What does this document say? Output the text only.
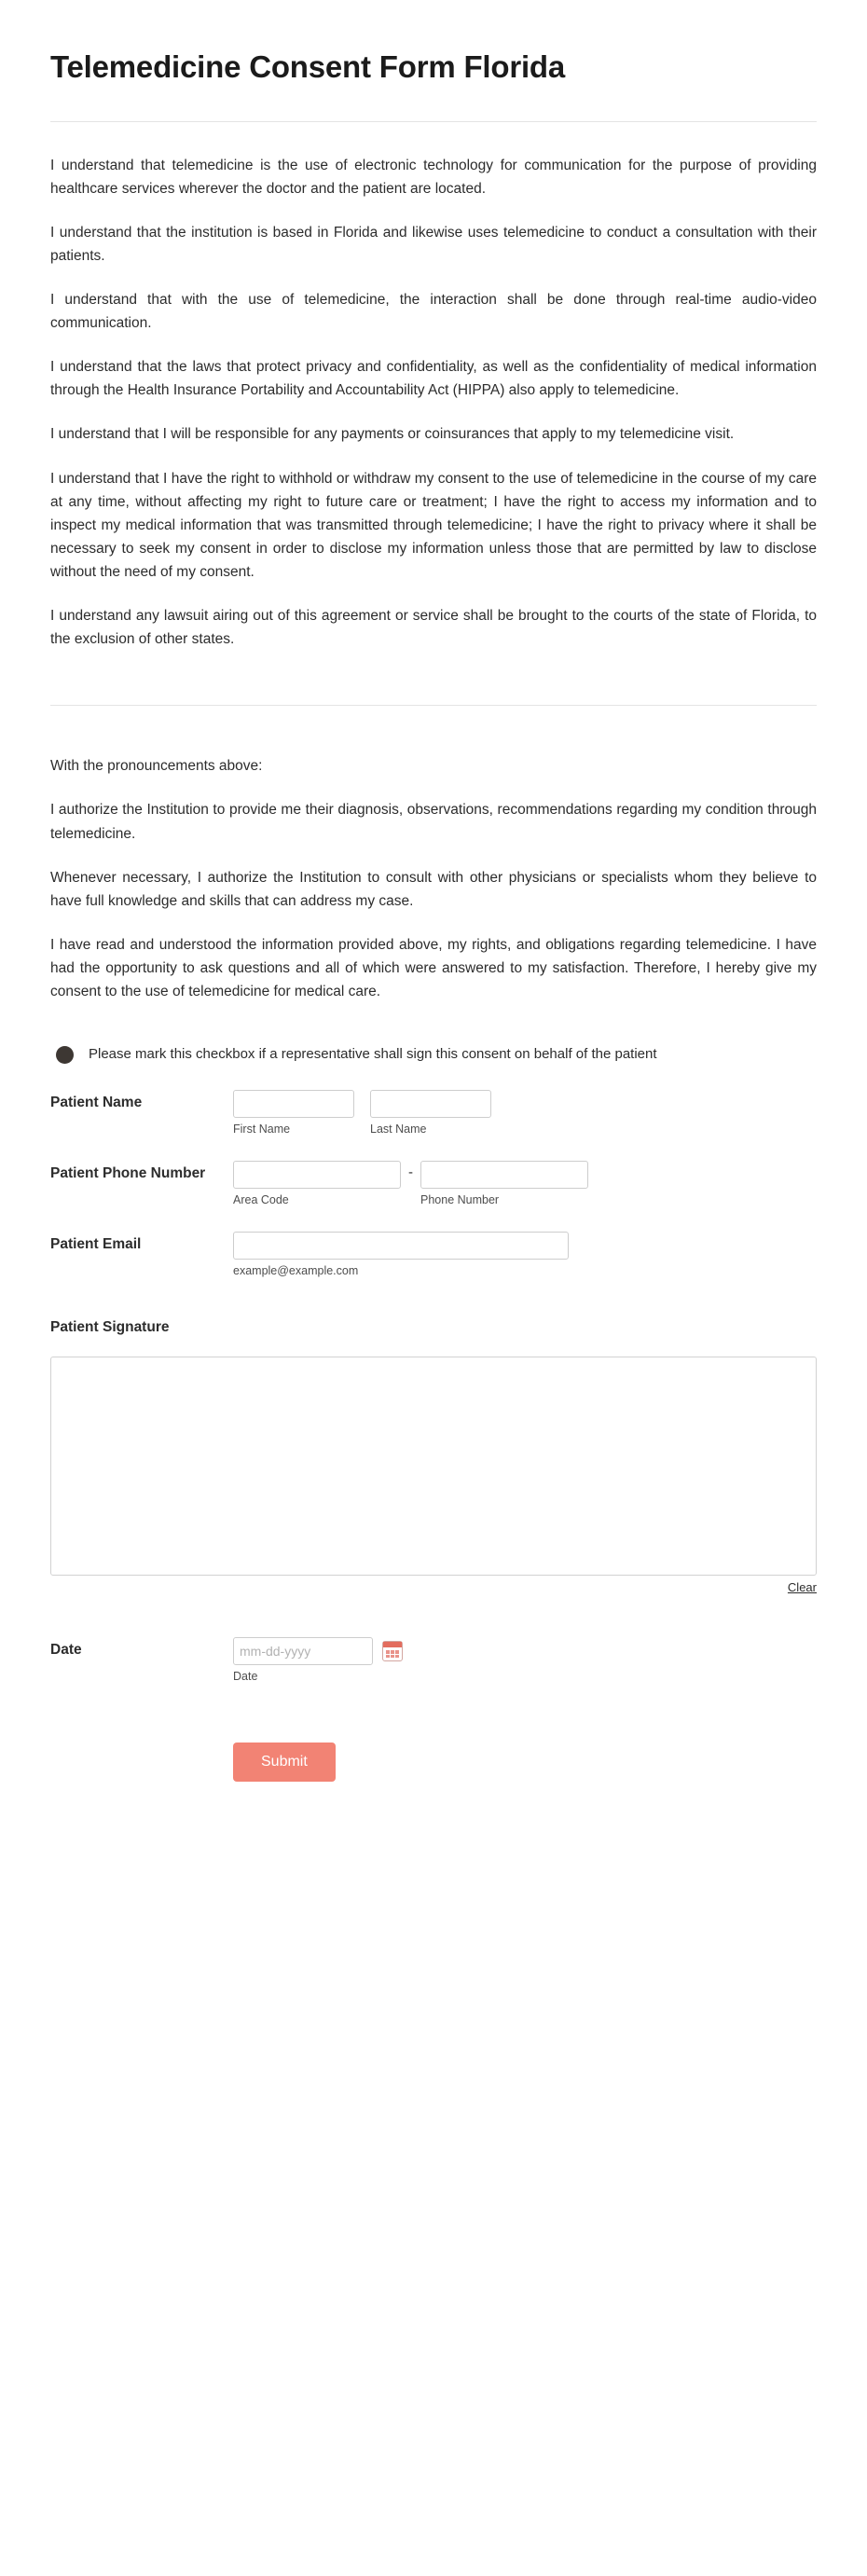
Telemedicine Consent Form Florida

I understand that telemedicine is the use of electronic technology for communication for the purpose of providing healthcare services wherever the doctor and the patient are located.

I understand that the institution is based in Florida and likewise uses telemedicine to conduct a consultation with their patients.

I understand that with the use of telemedicine, the interaction shall be done through real-time audio-video communication.

I understand that the laws that protect privacy and confidentiality, as well as the confidentiality of medical information through the Health Insurance Portability and Accountability Act (HIPPA) also apply to telemedicine.

I understand that I will be responsible for any payments or coinsurances that apply to my telemedicine visit.

I understand that I have the right to withhold or withdraw my consent to the use of telemedicine in the course of my care at any time, without affecting my right to future care or treatment; I have the right to access my information and to inspect my medical information that was transmitted through telemedicine; I have the right to privacy where it shall be necessary to seek my consent in order to disclose my information unless those that are permitted by law to disclose without the need of my consent.

I understand any lawsuit airing out of this agreement or service shall be brought to the courts of the state of Florida, to the exclusion of other states.

With the pronouncements above:

I authorize the Institution to provide me their diagnosis, observations, recommendations regarding my condition through telemedicine.

Whenever necessary, I authorize the Institution to consult with other physicians or specialists whom they believe to have full knowledge and skills that can address my case.

I have read and understood the information provided above, my rights, and obligations regarding telemedicine. I have had the opportunity to ask questions and all of which were answered to my satisfaction. Therefore, I hereby give my consent to the use of telemedicine for medical care.

Please mark this checkbox if a representative shall sign this consent on behalf of the patient
Patient Name
First Name	Last Name
Patient Phone Number
Area Code
-
Phone Number
Patient Email
example@example.com
Patient Signature
Clear
Date
mm-dd-yyyy
Date
Submit
